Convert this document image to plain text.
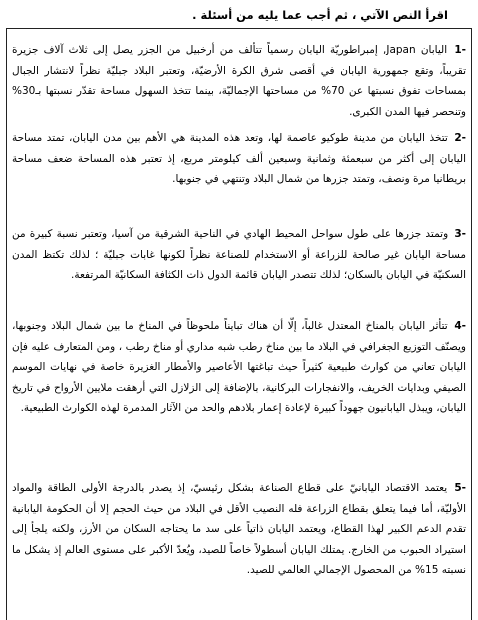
اقرأ النص الآتي ، ثم أجب عما يليه من أسئلة .
-1 اليابان Japan, إمبراطوريّة اليابان رسمياً تتألف من أرخبيل من الجزر يصل إلى ثلاث آلاف جزيرة تقريباً، وتقع جمهورية اليابان في أقصى شرق الكرة الأرضيّة، وتعتبر البلاد جبليّة نظراً لانتشار الجبال بمساحات تفوق نسبتها عن 70% من مساحتها الإجماليّة، بينما تتخذ السهول مساحة تقدّر نسبتها بـ30% وتنحصر فيها المدن الكبرى.
-2 تتخذ اليابان من مدينة طوكيو عاصمة لها، وتعد هذه المدينة هي الأهم بين مدن اليابان، تمتد مساحة اليابان إلى أكثر من سبعمئة وثمانية وسبعين ألف كيلومتر مربع، إذ تعتبر هذه المساحة ضعف مساحة بريطانيا مرة ونصف، وتمتد جزرها من شمال البلاد وتنتهي في جنوبها.
-3 وتمتد جزرها على طول سواحل المحيط الهادي في الناحية الشرقية من آسيا، وتعتبر نسبة كبيرة من مساحة اليابان غير صالحة للزراعة أو الاستخدام للصناعة نظراً لكونها غابات جبليّة ؛ لذلك تكتظ المدن السكنيّة في اليابان بالسكان؛ لذلك تتصدر اليابان قائمة الدول ذات الكثافة السكانيّة المرتفعة.
-4 تتأثر اليابان بالمناخ المعتدل غالباً، إلّا أن هناك تبايناً ملحوظاً في المناخ ما بين شمال البلاد وجنوبها، ويصنّف التوزيع الجغرافي في البلاد ما بين مناخ رطب شبه مداري أو مناخ رطب ، ومن المتعارف عليه فإن اليابان تعاني من كوارث طبيعية كثيراً حيث تباغتها الأعاصير والأمطار الغزيرة خاصة في نهايات الموسم الصيفي وبدايات الخريف، والانفجارات البركانية، بالإضافة إلى الزلازل التي أرهقت ملايين الأرواح في تاريخ اليابان، ويبذل اليابانيون جهوداً كبيرة لإعادة إعمار بلادهم والحد من الآثار المدمرة لهذه الكوارث الطبيعية.
-5 يعتمد الاقتصاد اليابانيّ على قطاع الصناعة بشكل رئيسيّ، إذ يصدر بالدرجة الأولى الطاقة والمواد الأوليّة، أما فيما يتعلق بقطاع الزراعة فله النصيب الأقل في البلاد من حيث الحجم إلا أن الحكومة اليابانية تقدم الدعم الكبير لهذا القطاع، ويعتمد اليابان ذاتياً على سد ما يحتاجه السكان من الأرز، ولكنه يلجأ إلى استيراد الحبوب من الخارج. يمتلك اليابان أسطولاً خاصاً للصيد، ويُعدّ الأكبر على مستوى العالم إذ يشكل ما نسبته 15% من المحصول الإجمالي العالمي للصيد.
